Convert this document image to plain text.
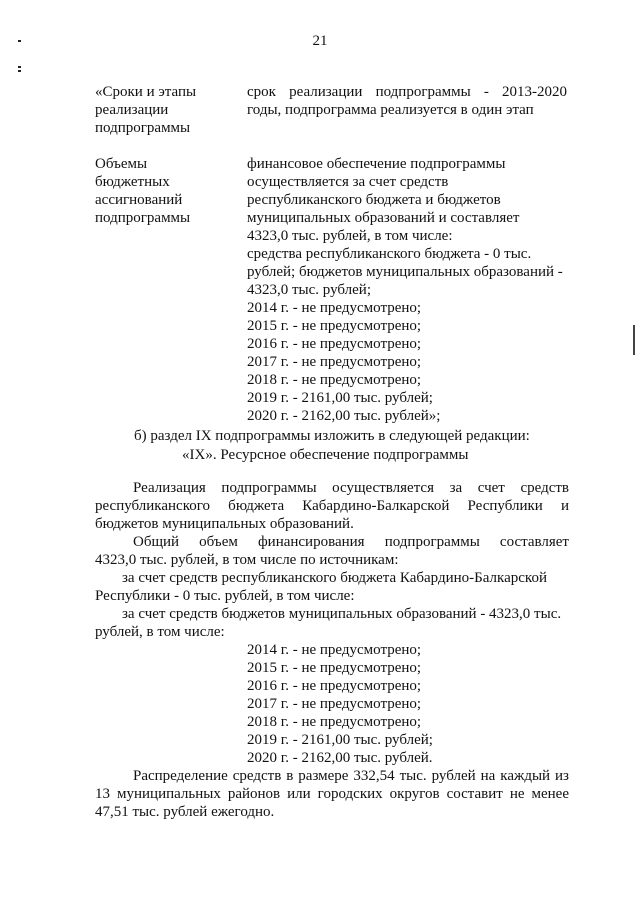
21
«Сроки и этапы
реализации
подпрограммы
срок реализации подпрограммы - 2013-2020
годы, подпрограмма реализуется в один этап
Объемы
бюджетных
ассигнований
подпрограммы
финансовое обеспечение подпрограммы
осуществляется за счет средств
республиканского бюджета и бюджетов
муниципальных образований и составляет
4323,0 тыс. рублей, в том числе:
средства республиканского бюджета - 0 тыс.
рублей; бюджетов муниципальных образований -
4323,0 тыс. рублей;
2014 г. - не предусмотрено;
2015 г. - не предусмотрено;
2016 г. - не предусмотрено;
2017 г. - не предусмотрено;
2018 г. - не предусмотрено;
2019 г. - 2161,00 тыс. рублей;
2020 г. - 2162,00 тыс. рублей»;
б) раздел IX подпрограммы изложить в следующей редакции:
«IX». Ресурсное обеспечение подпрограммы
Реализация подпрограммы осуществляется за счет средств
республиканского бюджета Кабардино-Балкарской Республики и
бюджетов муниципальных образований.
Общий объем финансирования подпрограммы составляет
4323,0 тыс. рублей, в том числе по источникам:
за счет средств республиканского бюджета Кабардино-Балкарской
Республики - 0 тыс. рублей, в том числе:
за счет средств бюджетов муниципальных образований - 4323,0 тыс.
рублей, в том числе:
2014 г. - не предусмотрено;
2015 г. - не предусмотрено;
2016 г. - не предусмотрено;
2017 г. - не предусмотрено;
2018 г. - не предусмотрено;
2019 г. - 2161,00 тыс. рублей;
2020 г. - 2162,00 тыс. рублей.
Распределение средств в размере 332,54 тыс. рублей на каждый из
13 муниципальных районов или городских округов составит не менее
47,51 тыс. рублей ежегодно.
